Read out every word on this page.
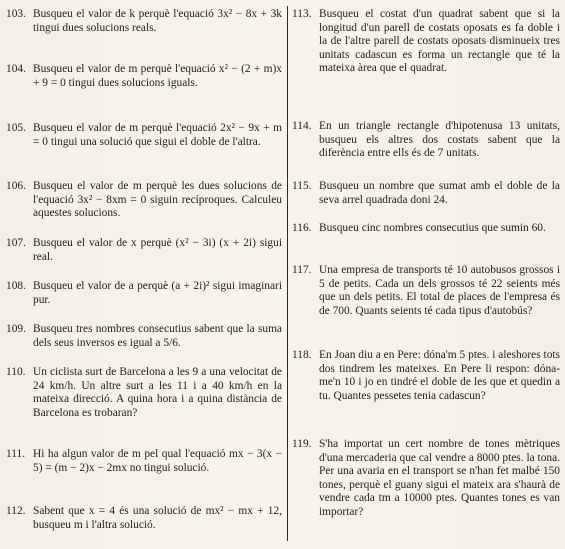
103. Busqueu el valor de k perquè l'equació 3x² − 8x + 3k tingui dues solucions reals.
104. Busqueu el valor de m perquè l'equació x² − (2 + m)x + 9 = 0 tingui dues solucions iguals.
105. Busqueu el valor de m perquè l'equació 2x² − 9x + m = 0 tingui una solució que sigui el doble de l'altra.
106. Busqueu el valor de m perquè les dues solucions de l'equació 3x² − 8xm = 0 siguin recíproques. Calculeu aquestes solucions.
107. Busqueu el valor de x perquè (x² − 3i) (x + 2i) sigui real.
108. Busqueu el valor de a perquè (a + 2i)² sigui imaginari pur.
109. Busqueu tres nombres consecutius sabent que la suma dels seus inversos es igual a 5/6.
110. Un ciclista surt de Barcelona a les 9 a una velocitat de 24 km/h. Un altre surt a les 11 i a 40 km/h en la mateixa direcció. A quina hora i a quina distància de Barcelona es trobaran?
111. Hi ha algun valor de m pel qual l'equació mx − 3(x − 5) = (m − 2)x − 2mx no tingui solució.
112. Sabent que x = 4 és una solució de mx² − mx + 12, busqueu m i l'altra solució.
113. Busqueu el costat d'un quadrat sabent que si la longitud d'un parell de costats oposats es fa doble i la de l'altre parell de costats oposats disminueix tres unitats cadascun es forma un rectangle que té la mateixa àrea que el quadrat.
114. En un triangle rectangle d'hipotenusa 13 unitats, busqueu els altres dos costats sabent que la diferència entre ells és de 7 unitats.
115. Busqueu un nombre que sumat amb el doble de la seva arrel quadrada doni 24.
116. Busqueu cinc nombres consecutius que sumin 60.
117. Una empresa de transports té 10 autobusos grossos i 5 de petits. Cada un dels grossos té 22 seients més que un dels petits. El total de places de l'empresa és de 700. Quants seients té cada tipus d'autobús?
118. En Joan diu a en Pere: dóna'm 5 ptes. i aleshores tots dos tindrem les mateixes. En Pere li respon: dóna-me'n 10 i jo en tindré el doble de les que et quedin a tu. Quantes pessetes tenia cadascun?
119. S'ha importat un cert nombre de tones mètriques d'una mercaderia que cal vendre a 8000 ptes. la tona. Per una avaria en el transport se n'han fet malbé 150 tones, perquè el guany sigui el mateix ara s'haurà de vendre cada tm a 10000 ptes. Quantes tones es van importar?
